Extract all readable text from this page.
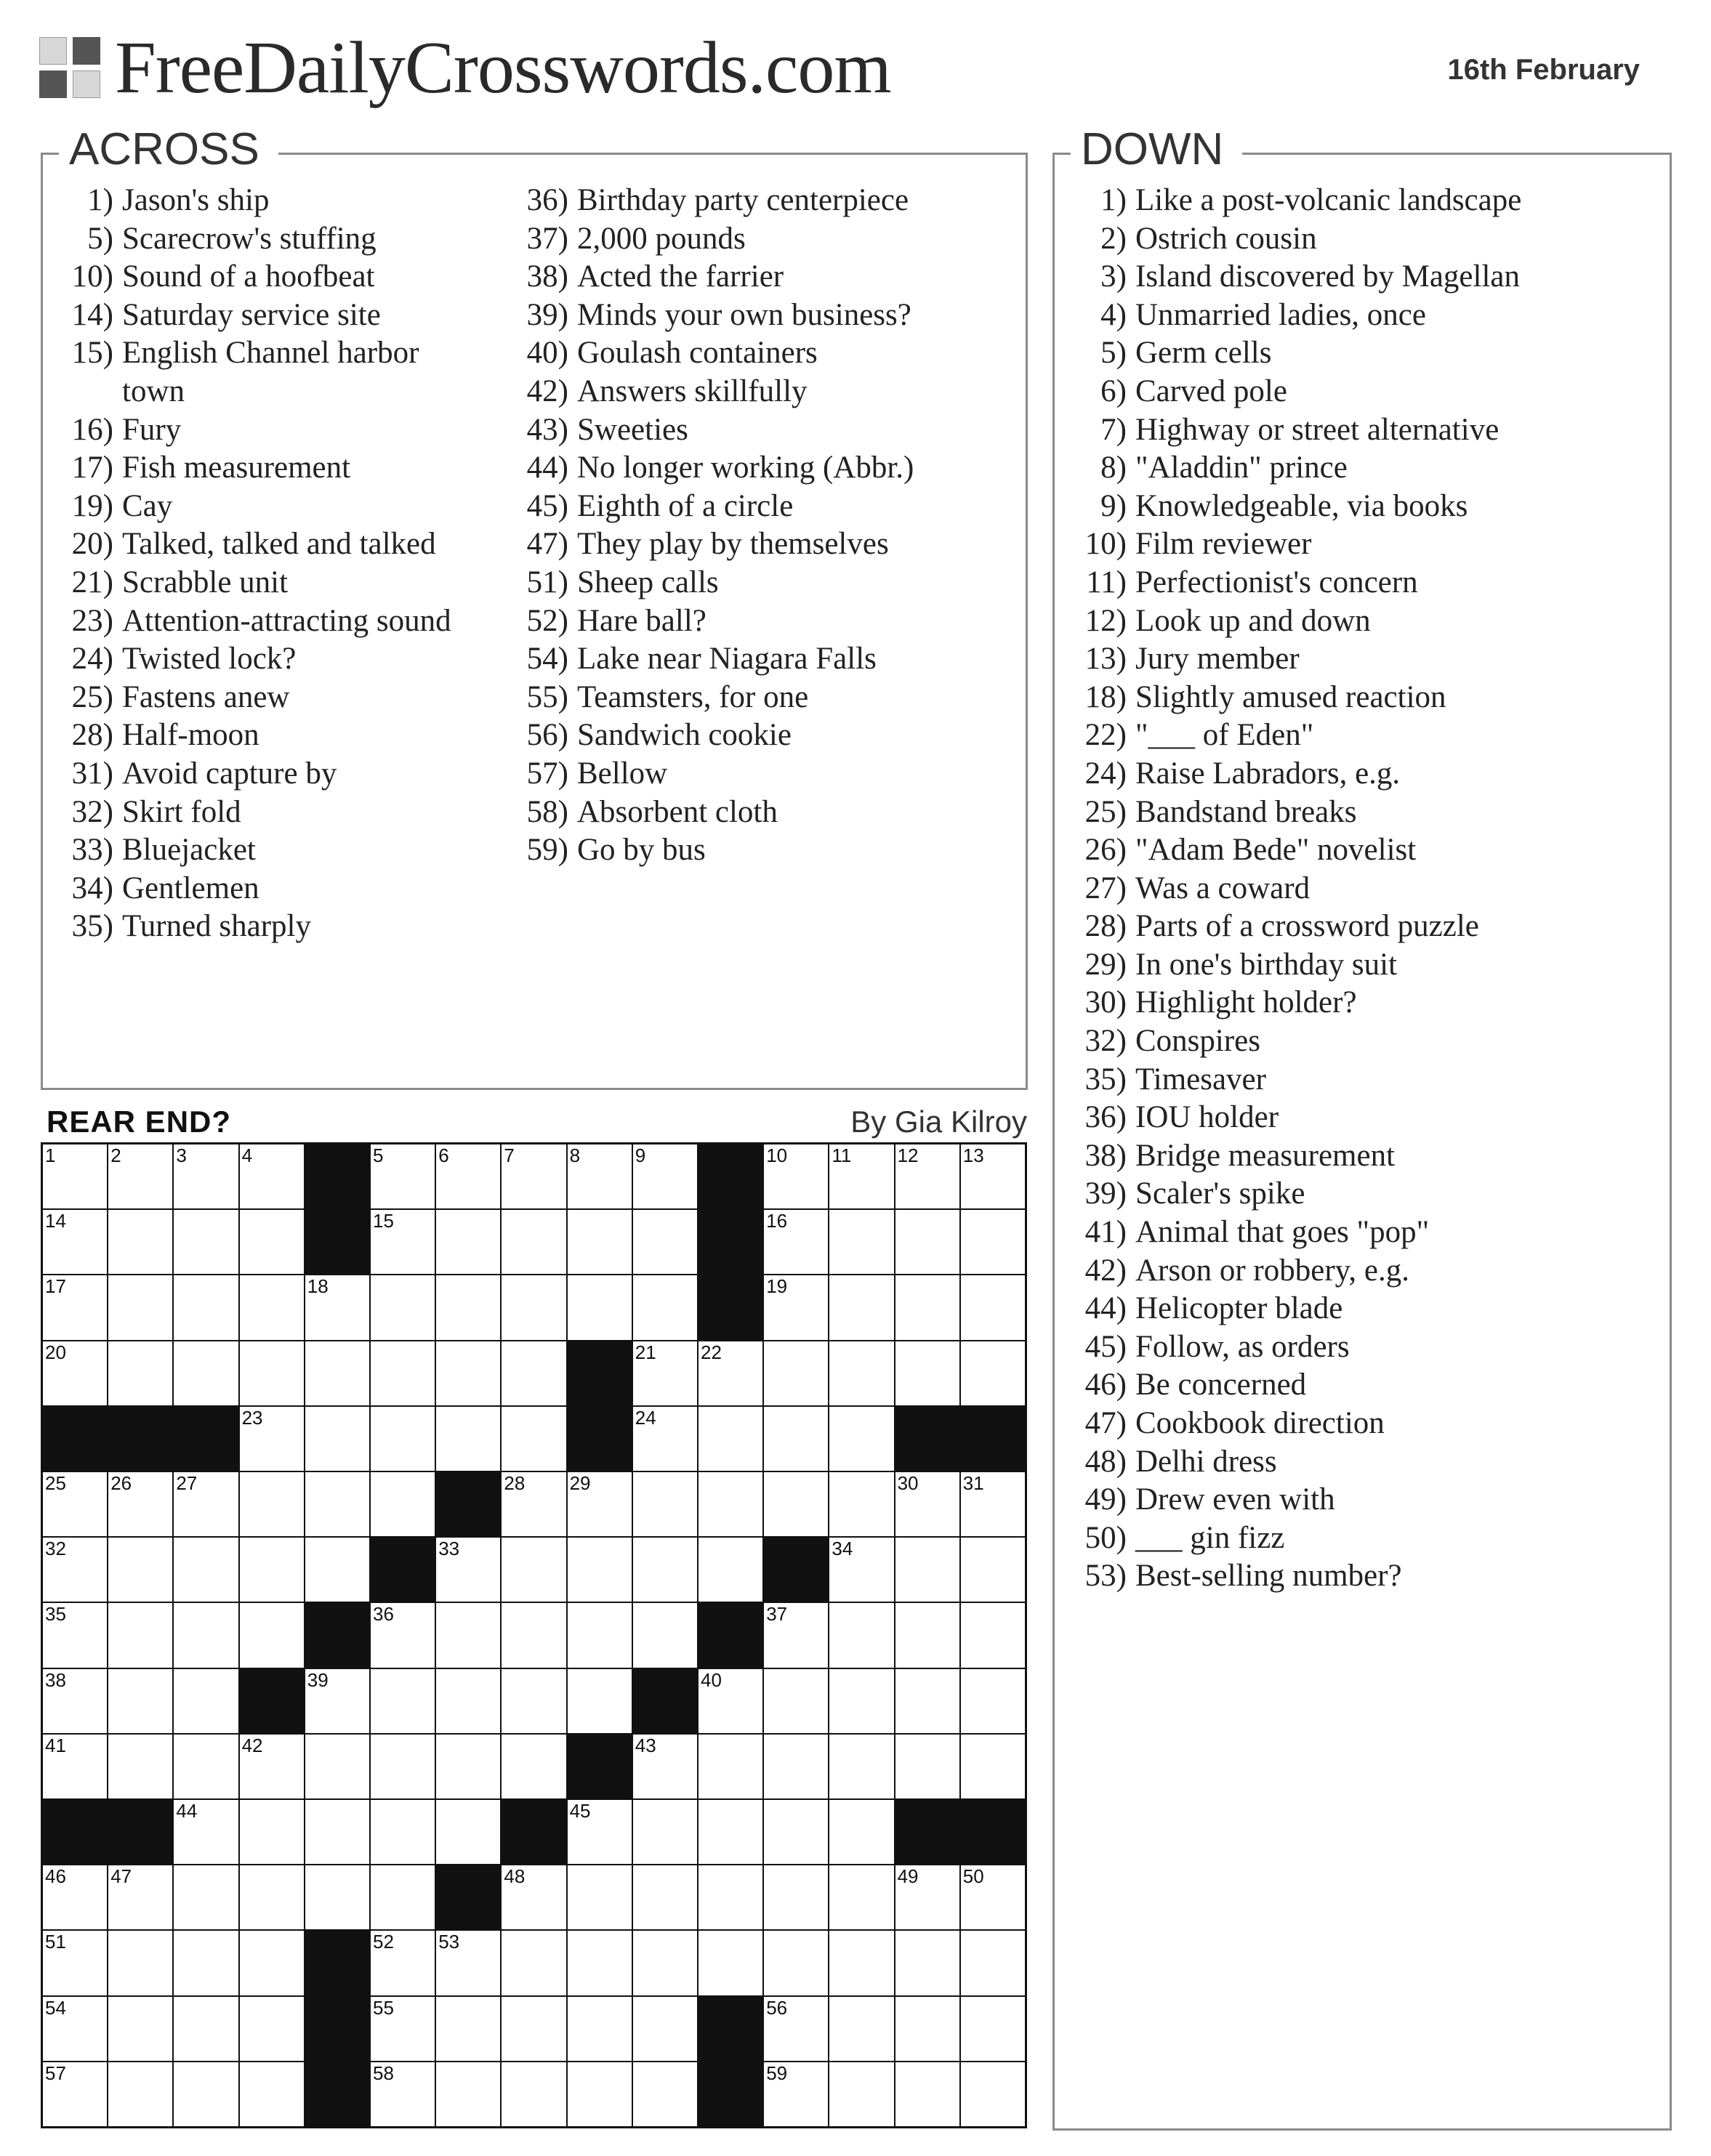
FreeDailyCrosswords.com	16th February
ACROSS
1) Jason's ship
5) Scarecrow's stuffing
10) Sound of a hoofbeat
14) Saturday service site
15) English Channel harbor
town
16) Fury
17) Fish measurement
19) Cay
20) Talked, talked and talked
21) Scrabble unit
23) Attention-attracting sound
24) Twisted lock?
25) Fastens anew
28) Half-moon
31) Avoid capture by
32) Skirt fold
33) Bluejacket
34) Gentlemen
35) Turned sharply
36) Birthday party centerpiece
37) 2,000 pounds
38) Acted the farrier
39) Minds your own business?
40) Goulash containers
42) Answers skillfully
43) Sweeties
44) No longer working (Abbr.)
45) Eighth of a circle
47) They play by themselves
51) Sheep calls
52) Hare ball?
54) Lake near Niagara Falls
55) Teamsters, for one
56) Sandwich cookie
57) Bellow
58) Absorbent cloth
59) Go by bus
DOWN
1) Like a post-volcanic landscape
2) Ostrich cousin
3) Island discovered by Magellan
4) Unmarried ladies, once
5) Germ cells
6) Carved pole
7) Highway or street alternative
8) "Aladdin" prince
9) Knowledgeable, via books
10) Film reviewer
11) Perfectionist's concern
12) Look up and down
13) Jury member
18) Slightly amused reaction
22) "___ of Eden"
24) Raise Labradors, e.g.
25) Bandstand breaks
26) "Adam Bede" novelist
27) Was a coward
28) Parts of a crossword puzzle
29) In one's birthday suit
30) Highlight holder?
32) Conspires
35) Timesaver
36) IOU holder
38) Bridge measurement
39) Scaler's spike
41) Animal that goes "pop"
42) Arson or robbery, e.g.
44) Helicopter blade
45) Follow, as orders
46) Be concerned
47) Cookbook direction
48) Delhi dress
49) Drew even with
50) ___ gin fizz
53) Best-selling number?
REAR END?	By Gia Kilroy
1	2	3	4	5	6	7	8	9	10 11 12 13
14	15	16
17	18	19
20	21 22
23	24
25 26 27	28 29	30 31
32	33	34
35	36	37
38	39	40
41	42	43
44	45
46 47	48	49 50
51	52 53
54	55	56
57	58	59
